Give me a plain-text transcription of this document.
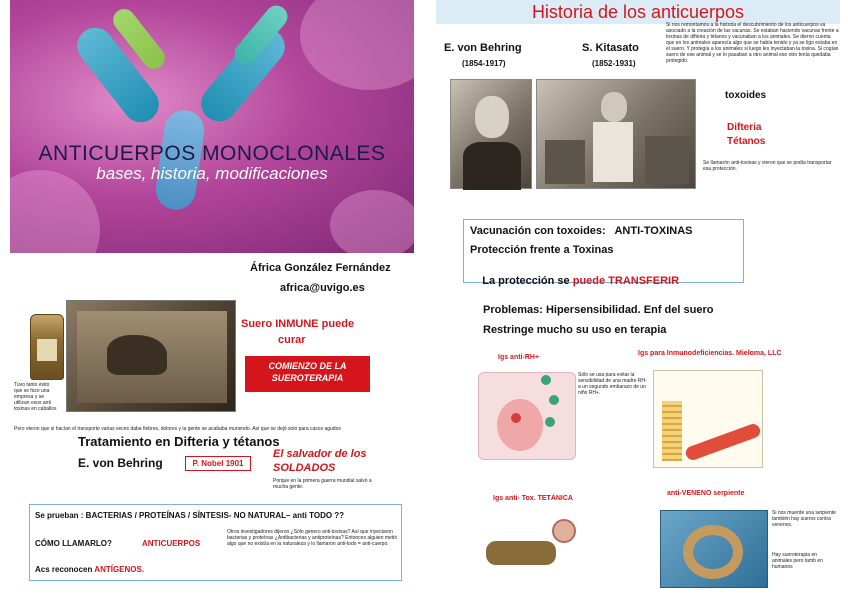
ANTICUERPOS MONOCLONALES
bases, historia, modificaciones
África González Fernández
africa@uvigo.es
Tuvo tanto éxito que se hizo una empresa y se utilizan esos anti toxinas en caballos
Suero INMUNE puede
curar
COMIENZO DE LA
SUEROTERAPIA
Pero vieron que si hacían el transporte varias veces daba fiebres, dolores y la gente se acababa muriendo. Así que se dejó solo para casos agudos
Tratamiento en Difteria y tétanos
E. von Behring	P. Nobel 1901
El salvador de los
SOLDADOS
Porque en la primera guerra mundial salvó a mucha gente.
Se prueban : BACTERIAS / PROTEÍNAS / SÍNTESIS- NO NATURAL– anti TODO ??
CÓMO LLAMARLO?	ANTICUERPOS
Otros investigadores dijeron ¿Sólo genero anti-toxinas? Así que inyectaron bacterias y proteínas ¿Antibacterias y antiproteínas? Entonces alguien metió algo que no existía en la naturaleza y lo llamaron anti-todo = anti-cuerpo.
Acs reconocen ANTÍGENOS.
Historia de los anticuerpos
Si nos remontamos a la historia el descubrimiento de los anticuerpos va asociado a la creación de las vacunas. Se estaban haciendo vacunas frente a toxinas de difteria y tétanos y vacunaban a los animales. Se dieron cuenta que en los animales aparecía algo que se había tenido y ya se ligo estaba en el suero. Y protegía a los animales si luego les inyectaban la toxina. Si cogían suero de ese animal y se lo pasaban a otro animal ese otro tenía quedaba protegido.
E. von Behring
(1854-1917)
S. Kitasato
(1852-1931)
toxoides
Difteria
Tétanos
Se llamarón anti-toxinas y vieron que se podía transportar esa protección.
Vacunación con toxoides:   ANTI-TOXINAS
Protección frente a Toxinas

La protección se puede TRANSFERIR

Problemas: Hipersensibilidad. Enf del suero
Restringe mucho su uso en terapia
Igs anti-RH+
Sólo se usa para evitar la sensibilidad de una madre RH- a un segundo embarazo de un niño RH+.
Igs para Inmunodeficiencias. Mieloma, LLC
Igs anti- Tox. TETÁNICA
anti-VENENO serpiente
Si nos muerde una serpiente también hay sueros contra venenos.
Hay sueroterapia en animales pero tamb en humanos
